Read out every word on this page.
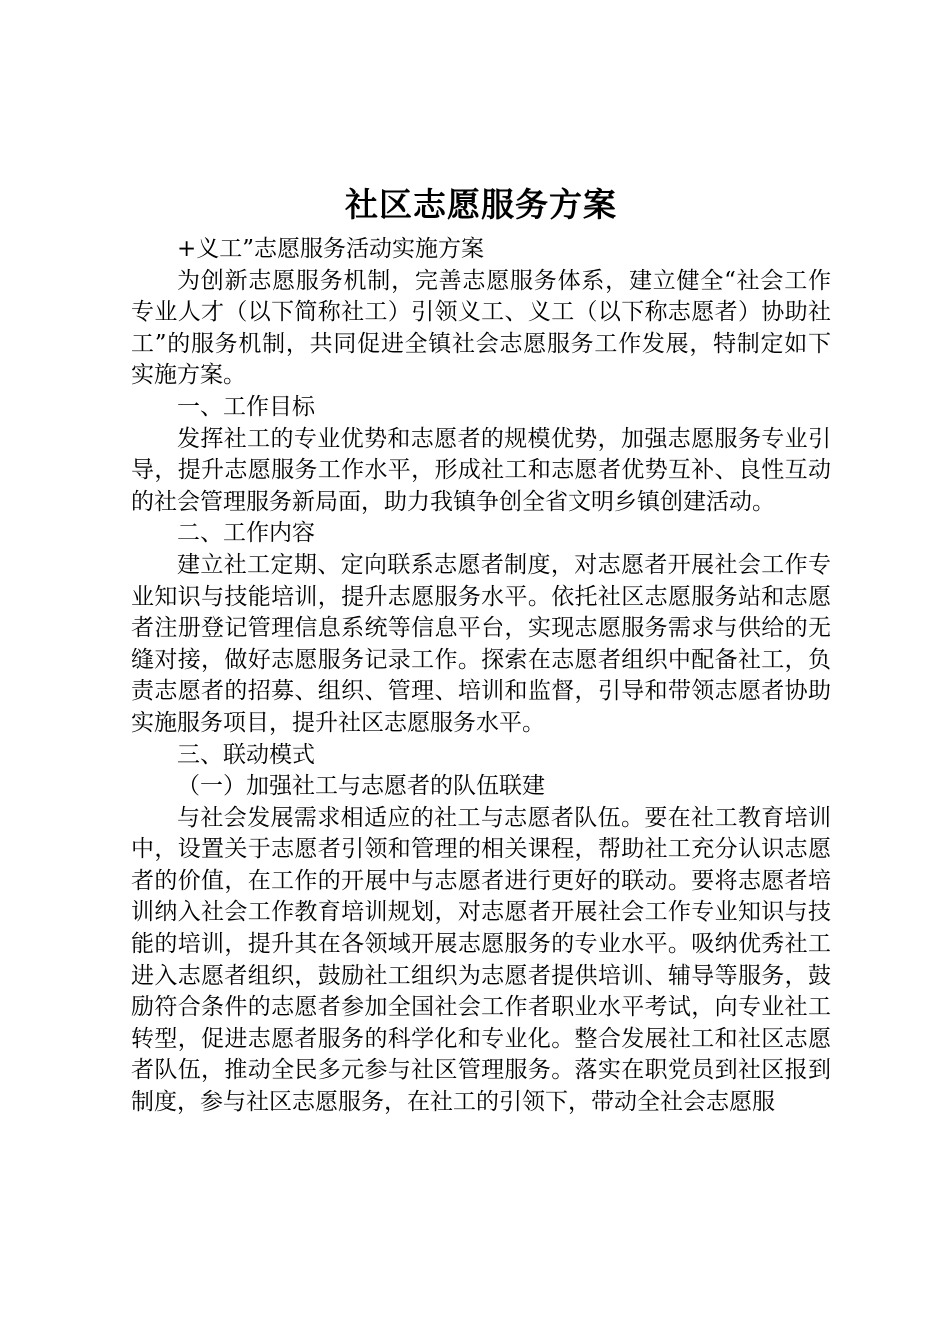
社区志愿服务方案

+义工”志愿服务活动实施方案

为创新志愿服务机制，完善志愿服务体系，建立健全“社会工作专业人才（以下简称社工）引领义工、义工（以下称志愿者）协助社工”的服务机制，共同促进全镇社会志愿服务工作发展，特制定如下实施方案。

一、工作目标

发挥社工的专业优势和志愿者的规模优势，加强志愿服务专业引导，提升志愿服务工作水平，形成社工和志愿者优势互补、良性互动的社会管理服务新局面，助力我镇争创全省文明乡镇创建活动。

二、工作内容

建立社工定期、定向联系志愿者制度，对志愿者开展社会工作专业知识与技能培训，提升志愿服务水平。依托社区志愿服务站和志愿者注册登记管理信息系统等信息平台，实现志愿服务需求与供给的无缝对接，做好志愿服务记录工作。探索在志愿者组织中配备社工，负责志愿者的招募、组织、管理、培训和监督，引导和带领志愿者协助实施服务项目，提升社区志愿服务水平。

三、联动模式

（一）加强社工与志愿者的队伍联建

与社会发展需求相适应的社工与志愿者队伍。要在社工教育培训中，设置关于志愿者引领和管理的相关课程，帮助社工充分认识志愿者的价值，在工作的开展中与志愿者进行更好的联动。要将志愿者培训纳入社会工作教育培训规划，对志愿者开展社会工作专业知识与技能的培训，提升其在各领域开展志愿服务的专业水平。吸纳优秀社工进入志愿者组织，鼓励社工组织为志愿者提供培训、辅导等服务，鼓励符合条件的志愿者参加全国社会工作者职业水平考试，向专业社工转型，促进志愿者服务的科学化和专业化。整合发展社工和社区志愿者队伍，推动全民多元参与社区管理服务。落实在职党员到社区报到制度，参与社区志愿服务，在社工的引领下，带动全社会志愿服
